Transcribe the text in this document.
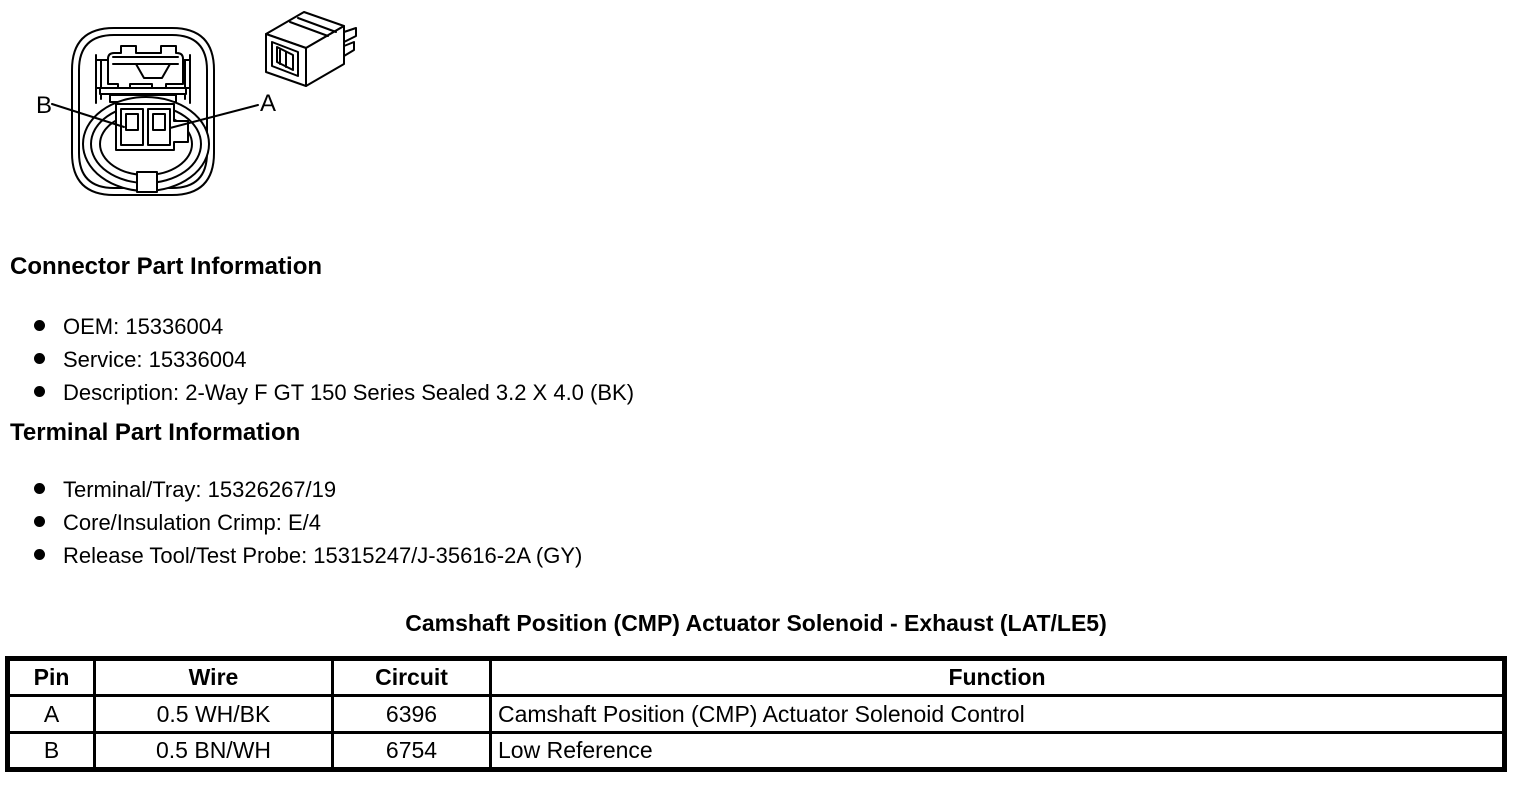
B	A
Connector Part Information
OEM: 15336004
Service: 15336004
Description: 2-Way F GT 150 Series Sealed 3.2 X 4.0 (BK)
Terminal Part Information
Terminal/Tray: 15326267/19
Core/Insulation Crimp: E/4
Release Tool/Test Probe: 15315247/J-35616-2A (GY)
Camshaft Position (CMP) Actuator Solenoid - Exhaust (LAT/LE5)
Pin	Wire	Circuit	Function
A	0.5 WH/BK	6396	Camshaft Position (CMP) Actuator Solenoid Control
B	0.5 BN/WH	6754	Low Reference
